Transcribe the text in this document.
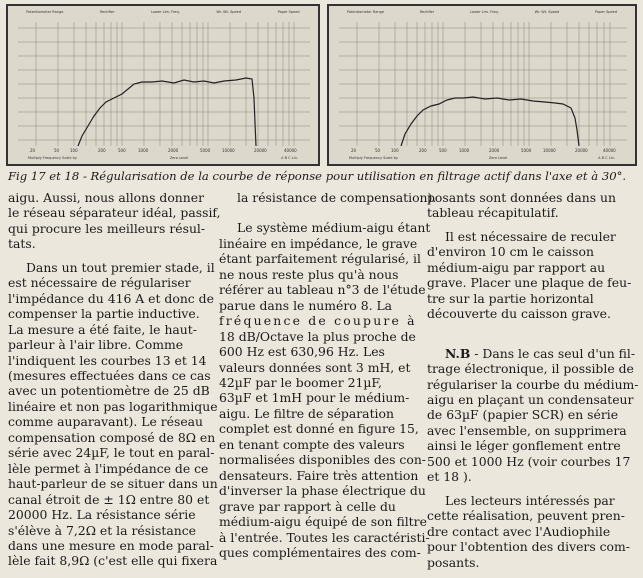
Potentiometer Range	Rectifier	Lower Lim. Freq.	Wr. Wt. Speed	Paper Speed
20	50	100	200	500	1000	2000	5000	10000	20000	40000
Multiply Frequency Scale by	Zero Level	A B C Lin.
Potentiometer Range	Rectifier	Lower Lim. Freq.	Wr. Wt. Speed	Paper Speed
20	50	100	200	500	1000	2000	5000	10000	20000	40000
Multiply Frequency Scale by	Zero Level	A B C Lin.
Fig 17 et 18 - Régularisation de la courbe de réponse pour utilisation en filtrage actif dans l'axe et à 30°.

aigu. Aussi, nous allons donner
le réseau séparateur idéal, passif,
qui procure les meilleurs résul-
tats.

Dans un tout premier stade, il
est nécessaire de régulariser
l'impédance du 416 A et donc de
compenser la partie inductive.
La mesure a été faite, le haut-
parleur à l'air libre. Comme
l'indiquent les courbes 13 et 14
(mesures effectuées dans ce cas
avec un potentiomètre de 25 dB
linéaire et non pas logarithmique
comme auparavant). Le réseau
compensation composé de 8Ω en
série avec 24µF, le tout en paral-
lèle permet à l'impédance de ce
haut-parleur de se situer dans un
canal étroit de ± 1Ω entre 80 et
20000 Hz. La résistance série
s'élève à 7,2Ω et la résistance
dans une mesure en mode paral-
lèle fait 8,9Ω (c'est elle qui fixera

la résistance de compensation).

Le système médium-aigu étant
linéaire en impédance, le grave
étant parfaitement régularisé, il
ne nous reste plus qu'à nous
référer au tableau n°3 de l'étude
parue dans le numéro 8. La
fréquence de coupure à
18 dB/Octave la plus proche de
600 Hz est 630,96 Hz. Les
valeurs données sont 3 mH, et
42µF par le boomer 21µF,
63µF et 1mH pour le médium-
aigu. Le filtre de séparation
complet est donné en figure 15,
en tenant compte des valeurs
normalisées disponibles des con-
densateurs. Faire très attention
d'inverser la phase électrique du
grave par rapport à celle du
médium-aigu équipé de son filtre
à l'entrée. Toutes les caractéristi-
ques complémentaires des com-

posants sont données dans un
tableau récapitulatif.

Il est nécessaire de reculer
d'environ 10 cm le caisson
médium-aigu par rapport au
grave. Placer une plaque de feu-
tre sur la partie horizontal
découverte du caisson grave.

N.B - Dans le cas seul d'un fil-
trage électronique, il possible de
régulariser la courbe du médium-
aigu en plaçant un condensateur
de 63µF (papier SCR) en série
avec l'ensemble, on supprimera
ainsi le léger gonflement entre
500 et 1000 Hz (voir courbes 17
et 18 ).

Les lecteurs intéressés par
cette réalisation, peuvent pren-
dre contact avec l'Audiophile
pour l'obtention des divers com-
posants.
